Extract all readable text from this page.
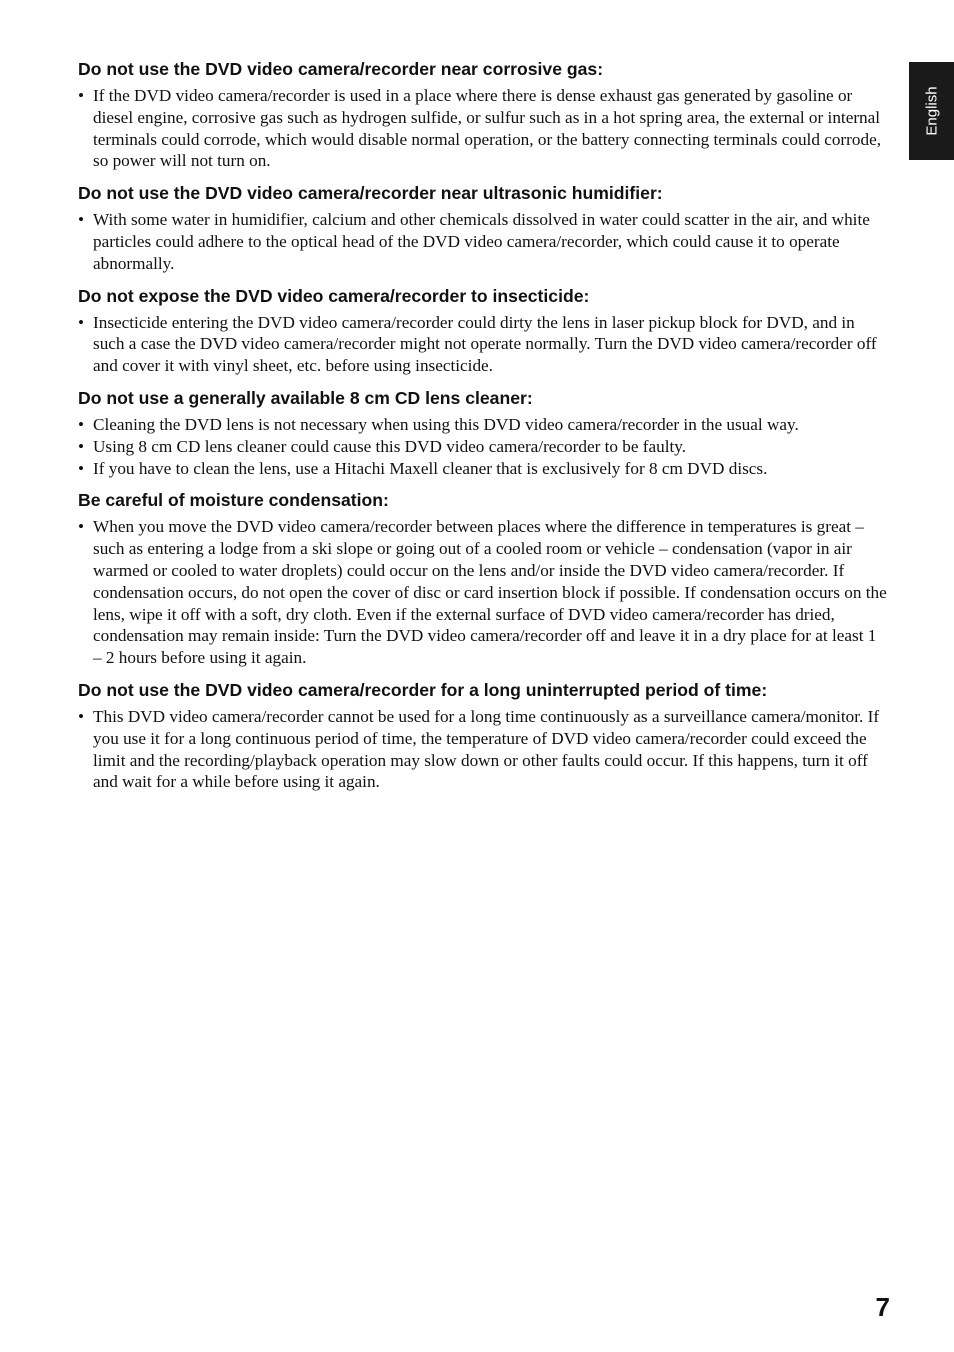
English
Do not use the DVD video camera/recorder near corrosive gas:
• If the DVD video camera/recorder is used in a place where there is dense exhaust gas generated by gasoline or diesel engine, corrosive gas such as hydrogen sulfide, or sulfur such as in a hot spring area, the external or internal terminals could corrode, which would disable normal operation, or the battery connecting terminals could corrode, so power will not turn on.
Do not use the DVD video camera/recorder near ultrasonic humidifier:
• With some water in humidifier, calcium and other chemicals dissolved in water could scatter in the air, and white particles could adhere to the optical head of the DVD video camera/recorder, which could cause it to operate abnormally.
Do not expose the DVD video camera/recorder to insecticide:
• Insecticide entering the DVD video camera/recorder could dirty the lens in laser pickup block for DVD, and in such a case the DVD video camera/recorder might not operate normally. Turn the DVD video camera/recorder off and cover it with vinyl sheet, etc. before using insecticide.
Do not use a generally available 8 cm CD lens cleaner:
• Cleaning the DVD lens is not necessary when using this DVD video camera/recorder in the usual way.
• Using 8 cm CD lens cleaner could cause this DVD video camera/recorder to be faulty.
• If you have to clean the lens, use a Hitachi Maxell cleaner that is exclusively for 8 cm DVD discs.
Be careful of moisture condensation:
• When you move the DVD video camera/recorder between places where the difference in temperatures is great – such as entering a lodge from a ski slope or going out of a cooled room or vehicle – condensation (vapor in air warmed or cooled to water droplets) could occur on the lens and/or inside the DVD video camera/recorder. If condensation occurs, do not open the cover of disc or card insertion block if possible. If condensation occurs on the lens, wipe it off with a soft, dry cloth. Even if the external surface of DVD video camera/recorder has dried, condensation may remain inside: Turn the DVD video camera/recorder off and leave it in a dry place for at least 1 – 2 hours before using it again.
Do not use the DVD video camera/recorder for a long uninterrupted period of time:
• This DVD video camera/recorder cannot be used for a long time continuously as a surveillance camera/monitor. If you use it for a long continuous period of time, the temperature of DVD video camera/recorder could exceed the limit and the recording/playback operation may slow down or other faults could occur. If this happens, turn it off and wait for a while before using it again.
7
